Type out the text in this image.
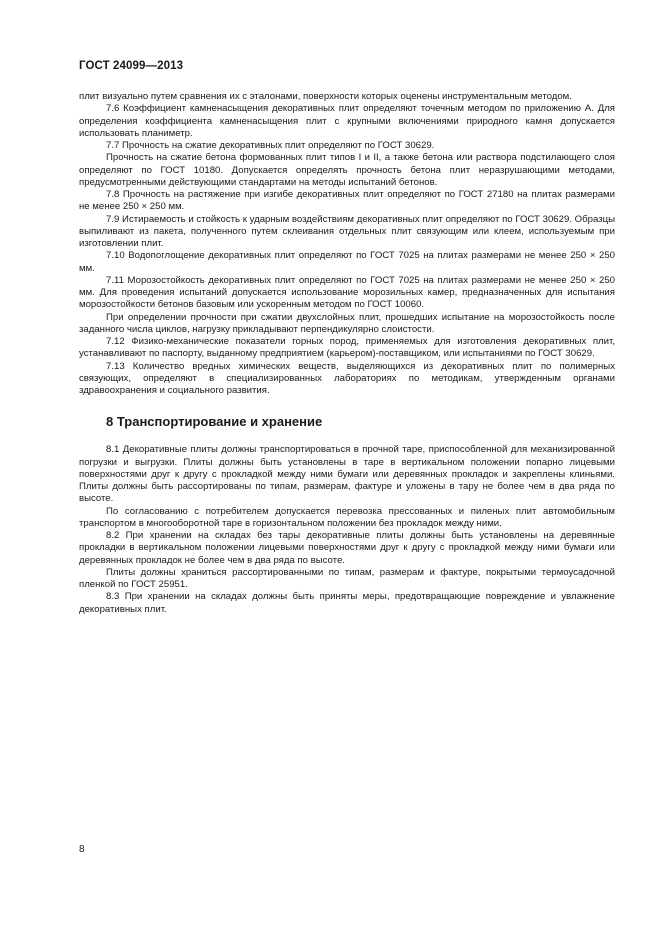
ГОСТ 24099—2013

плит визуально путем сравнения их с эталонами, поверхности которых оценены инструментальным методом.

7.6 Коэффициент камненасыщения декоративных плит определяют точечным методом по приложению А. Для определения коэффициента камненасыщения плит с крупными включениями природного камня допускается использовать планиметр.

7.7 Прочность на сжатие декоративных плит определяют по ГОСТ 30629.

Прочность на сжатие бетона формованных плит типов I и II, а также бетона или раствора подстилающего слоя определяют по ГОСТ 10180. Допускается определять прочность бетона плит неразрушающими методами, предусмотренными действующими стандартами на методы испытаний бетонов.

7.8 Прочность на растяжение при изгибе декоративных плит определяют по ГОСТ 27180 на плитах размерами не менее 250 × 250 мм.

7.9 Истираемость и стойкость к ударным воздействиям декоративных плит определяют по ГОСТ 30629. Образцы выпиливают из пакета, полученного путем склеивания отдельных плит связующим или клеем, используемым при изготовлении плит.

7.10 Водопоглощение декоративных плит определяют по ГОСТ 7025 на плитах размерами не менее 250 × 250 мм.

7.11 Морозостойкость декоративных плит определяют по ГОСТ 7025 на плитах размерами не менее 250 × 250 мм. Для проведения испытаний допускается использование морозильных камер, предназначенных для испытания морозостойкости бетонов базовым или ускоренным методом по ГОСТ 10060.

При определении прочности при сжатии двухслойных плит, прошедших испытание на морозостойкость после заданного числа циклов, нагрузку прикладывают перпендикулярно слоистости.

7.12 Физико-механические показатели горных пород, применяемых для изготовления декоративных плит, устанавливают по паспорту, выданному предприятием (карьером)-поставщиком, или испытаниями по ГОСТ 30629.

7.13 Количество вредных химических веществ, выделяющихся из декоративных плит по полимерных связующих, определяют в специализированных лабораториях по методикам, утвержденным органами здравоохранения и социального развития.

8 Транспортирование и хранение

8.1 Декоративные плиты должны транспортироваться в прочной таре, приспособленной для механизированной погрузки и выгрузки. Плиты должны быть установлены в таре в вертикальном положении попарно лицевыми поверхностями друг к другу с прокладкой между ними бумаги или деревянных прокладок и закреплены клиньями. Плиты должны быть рассортированы по типам, размерам, фактуре и уложены в тару не более чем в два ряда по высоте.

По согласованию с потребителем допускается перевозка прессованных и пиленых плит автомобильным транспортом в многооборотной таре в горизонтальном положении без прокладок между ними.

8.2 При хранении на складах без тары декоративные плиты должны быть установлены на деревянные прокладки в вертикальном положении лицевыми поверхностями друг к другу с прокладкой между ними бумаги или деревянных прокладок не более чем в два ряда по высоте.

Плиты должны храниться рассортированными по типам, размерам и фактуре, покрытыми термоусадочной пленкой по ГОСТ 25951.

8.3 При хранении на складах должны быть приняты меры, предотвращающие повреждение и увлажнение декоративных плит.

8
